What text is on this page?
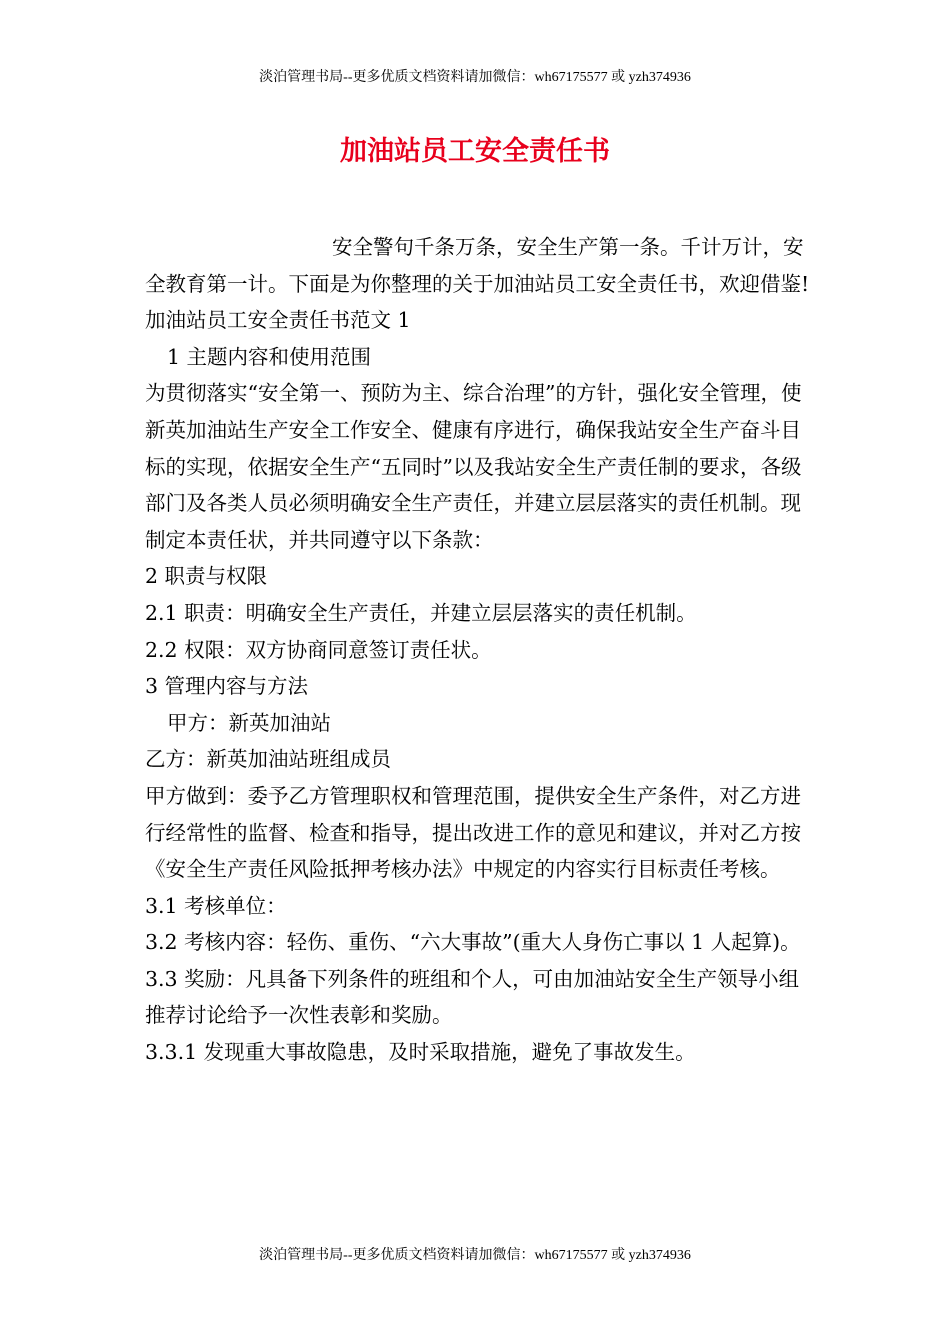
淡泊管理书局--更多优质文档资料请加微信：wh67175577 或 yzh374936
加油站员工安全责任书

安全警句千条万条，安全生产第一条。千计万计，安全教育第一计。下面是为你整理的关于加油站员工安全责任书，欢迎借鉴!

加油站员工安全责任书范文 1

1 主题内容和使用范围

为贯彻落实“安全第一、预防为主、综合治理”的方针，强化安全管理，使新英加油站生产安全工作安全、健康有序进行，确保我站安全生产奋斗目标的实现，依据安全生产“五同时”以及我站安全生产责任制的要求，各级部门及各类人员必须明确安全生产责任，并建立层层落实的责任机制。现制定本责任状，并共同遵守以下条款：

2 职责与权限

2.1 职责：明确安全生产责任，并建立层层落实的责任机制。

2.2 权限：双方协商同意签订责任状。

3 管理内容与方法

甲方：新英加油站

乙方：新英加油站班组成员

甲方做到：委予乙方管理职权和管理范围，提供安全生产条件，对乙方进行经常性的监督、检查和指导，提出改进工作的意见和建议，并对乙方按《安全生产责任风险抵押考核办法》中规定的内容实行目标责任考核。

3.1 考核单位：

3.2 考核内容：轻伤、重伤、“六大事故”(重大人身伤亡事以 1 人起算)。

3.3 奖励：凡具备下列条件的班组和个人，可由加油站安全生产领导小组推荐讨论给予一次性表彰和奖励。

3.3.1 发现重大事故隐患，及时采取措施，避免了事故发生。

淡泊管理书局--更多优质文档资料请加微信：wh67175577 或 yzh374936
